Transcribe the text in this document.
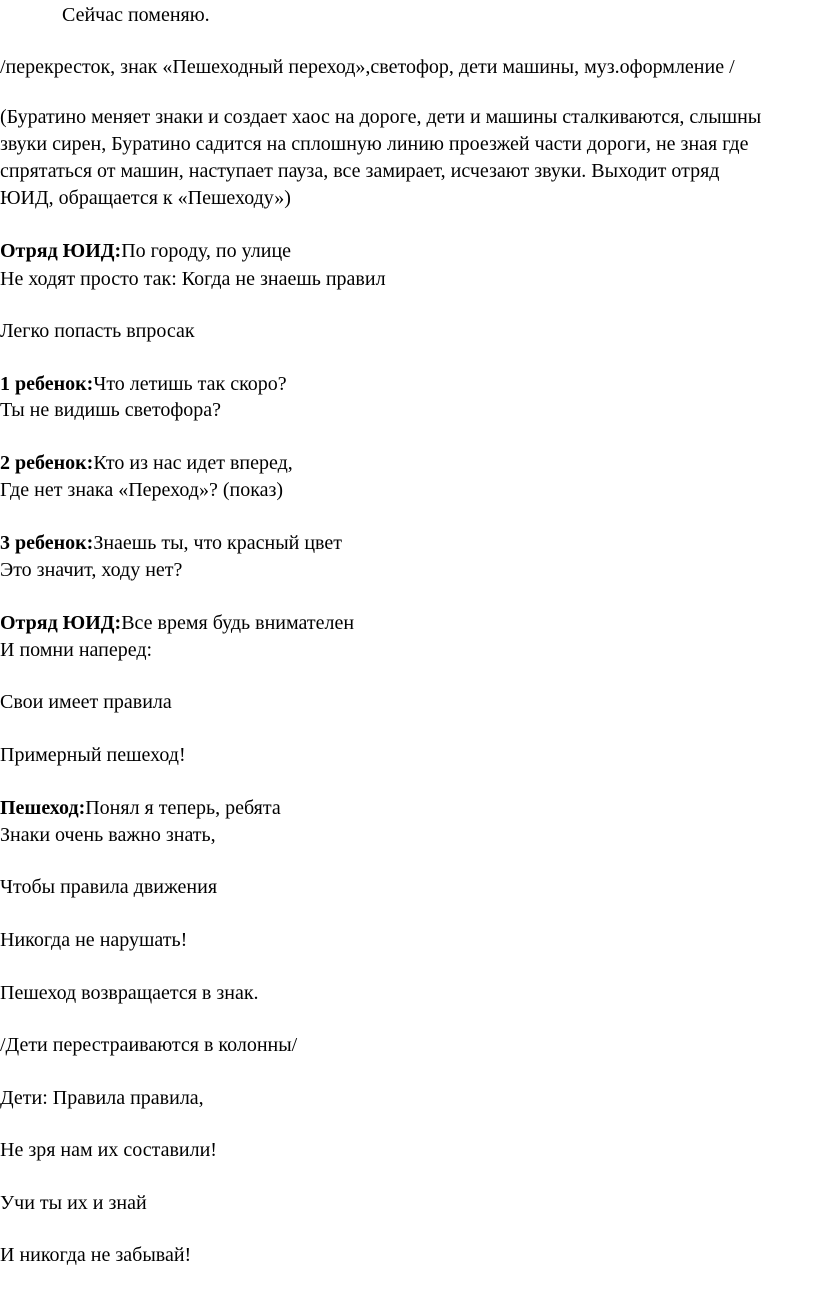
Сейчас поменяю.

/перекресток, знак «Пешеходный переход»,светофор, дети машины, муз.оформление /

(Буратино меняет знаки и создает хаос на дороге, дети и машины сталкиваются, слышны

звуки сирен, Буратино садится на сплошную линию проезжей части дороги, не зная где

спрятаться от машин, наступает пауза, все замирает, исчезают звуки. Выходит отряд

ЮИД, обращается к «Пешеходу»)

Отряд ЮИД:По городу, по улице

Не ходят просто так: Когда не знаешь правил

Легко попасть впросак

1 ребенок:Что летишь так скоро?

Ты не видишь светофора?

2 ребенок:Кто из нас идет вперед,

Где нет знака «Переход»? (показ)

3 ребенок:Знаешь ты, что красный цвет

Это значит, ходу нет?

Отряд ЮИД:Все время будь внимателен

И помни наперед:

Свои имеет правила

Примерный пешеход!

Пешеход:Понял я теперь, ребята

Знаки очень важно знать,

Чтобы правила движения

Никогда не нарушать!

Пешеход возвращается в знак.

/Дети перестраиваются в колонны/

Дети: Правила правила,

Не зря нам их составили!

Учи ты их и знай

И никогда не забывай!
